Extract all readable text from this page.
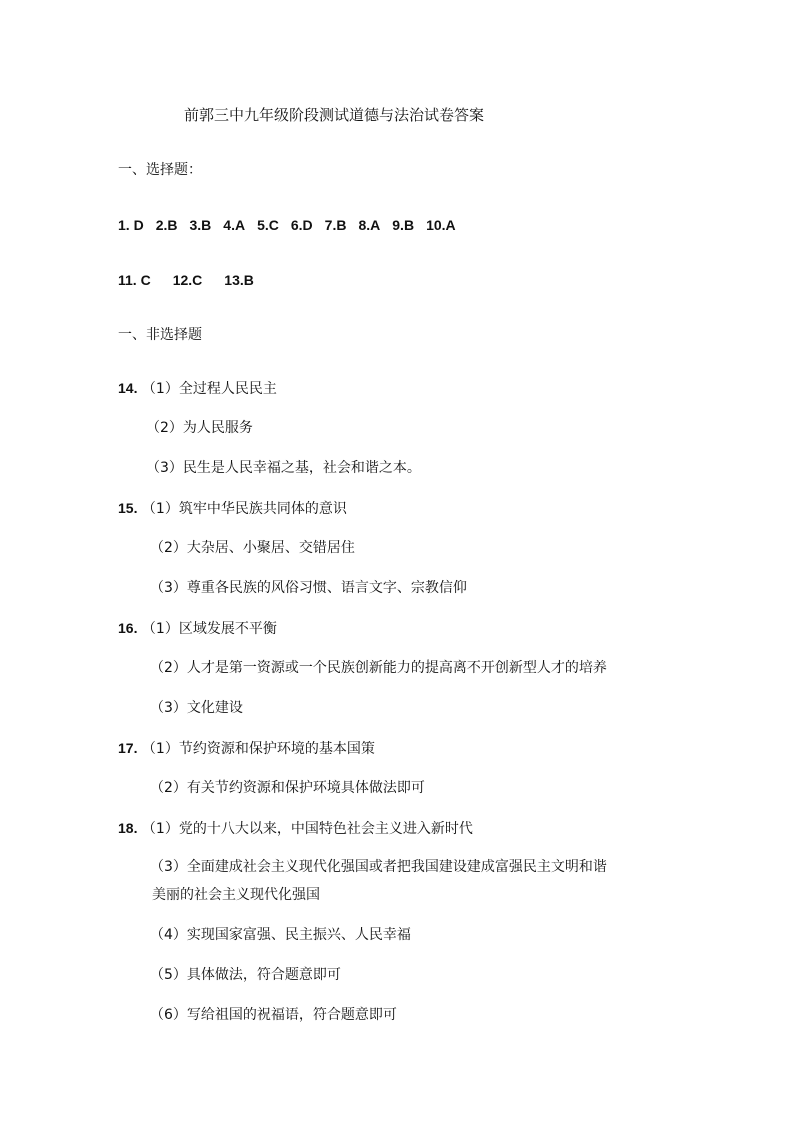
前郭三中九年级阶段测试道德与法治试卷答案
一、选择题：
1. D 2.B 3.B 4.A 5.C 6.D 7.B 8.A 9.B 10.A
11. C 12.C 13.B
一、非选择题
14. （1）全过程人民民主
（2）为人民服务
（3）民生是人民幸福之基，社会和谐之本。
15. （1）筑牢中华民族共同体的意识
（2）大杂居、小聚居、交错居住
（3）尊重各民族的风俗习惯、语言文字、宗教信仰
16. （1）区域发展不平衡
（2）人才是第一资源或一个民族创新能力的提高离不开创新型人才的培养
（3）文化建设
17. （1）节约资源和保护环境的基本国策
（2）有关节约资源和保护环境具体做法即可
18. （1）党的十八大以来，中国特色社会主义进入新时代
（3）全面建成社会主义现代化强国或者把我国建设建成富强民主文明和谐
美丽的社会主义现代化强国
（4）实现国家富强、民主振兴、人民幸福
（5）具体做法，符合题意即可
（6）写给祖国的祝福语，符合题意即可
